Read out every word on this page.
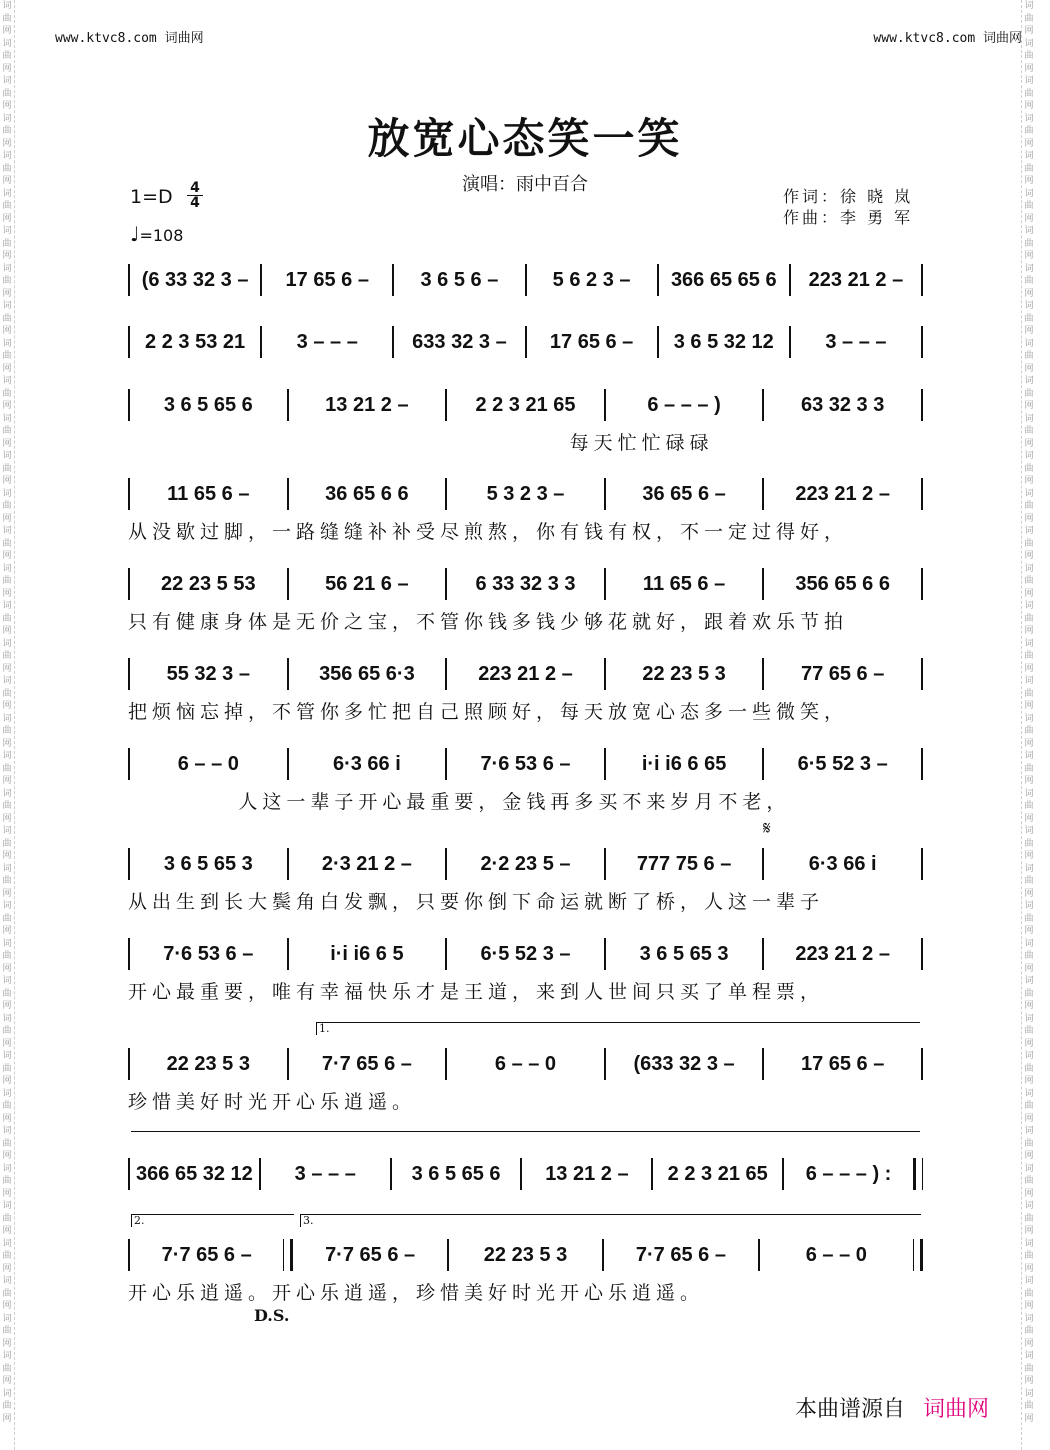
词曲网词曲网词曲网词曲网词曲网词曲网词曲网词曲网词曲网词曲网词曲网词曲网词曲网词曲网词曲网词曲网词曲网词曲网词曲网词曲网词曲网词曲网词曲网词曲网词曲网词曲网词曲网词曲网词曲网词曲网词曲网词曲网词曲网词曲网词曲网词曲网词曲网词曲网
词曲网词曲网词曲网词曲网词曲网词曲网词曲网词曲网词曲网词曲网词曲网词曲网词曲网词曲网词曲网词曲网词曲网词曲网词曲网词曲网词曲网词曲网词曲网词曲网词曲网词曲网词曲网词曲网词曲网词曲网词曲网词曲网词曲网词曲网词曲网词曲网词曲网词曲网
www.ktvc8.com 词曲网	www.ktvc8.com 词曲网
放宽心态笑一笑
演唱：雨中百合
1=D 4
4
♩=108
作词：徐 晓 岚
作曲：李 勇 军
(6 33 32 3 –	17 65 6 –	3 6 5 6 –	5 6 2 3 –	366 65 65 6	223 21 2 –
2 2 3 53 21	3 – – –	633 32 3 –	17 65 6 –	3 6 5 32 12	3 – – –
3 6 5 65 6	13 21 2 –	2 2 3 21 65	6 – – – )	63 32 3 3
每天忙忙碌碌
11 65 6 –	36 65 6 6	5 3 2 3 –	36 65 6 –	223 21 2 –
从没歇过脚，一路缝缝补补受尽煎熬，你有钱有权，不一定过得好，
22 23 5 53	56 21 6 –	6 33 32 3 3	11 65 6 –	356 65 6 6
只有健康身体是无价之宝，不管你钱多钱少够花就好，跟着欢乐节拍
55 32 3 –	356 65 6·3	223 21 2 –	22 23 5 3	77 65 6 –
把烦恼忘掉，不管你多忙把自己照顾好，每天放宽心态多一些微笑，
6 – – 0	6·3 66 i	7·6 53 6 –	i·i i6 6 65	6·5 52 3 –
人这一辈子开心最重要，金钱再多买不来岁月不老，
3 6 5 65 3	2·3 21 2 –	2·2 23 5 –	777 75 6 –	6·3 66 i
从出生到长大鬓角白发飘，只要你倒下命运就断了桥，人这一辈子
7·6 53 6 –	i·i i6 6 5	6·5 52 3 –	3 6 5 65 3	223 21 2 –
开心最重要，唯有幸福快乐才是王道，来到人世间只买了单程票，
22 23 5 3	7·7 65 6 –	6 – – 0	(633 32 3 –	17 65 6 –
珍惜美好时光开心乐逍遥。
366 65 32 12	3 – – –	3 6 5 65 6	13 21 2 –	2 2 3 21 65	6 – – – ) :
7·7 65 6 –	7·7 65 6 –	22 23 5 3	7·7 65 6 –	6 – – 0
开心乐逍遥。开心乐逍遥，珍惜美好时光开心乐逍遥。
1.
2.	3.
𝄋
D.S.
本曲谱源自 词曲网
